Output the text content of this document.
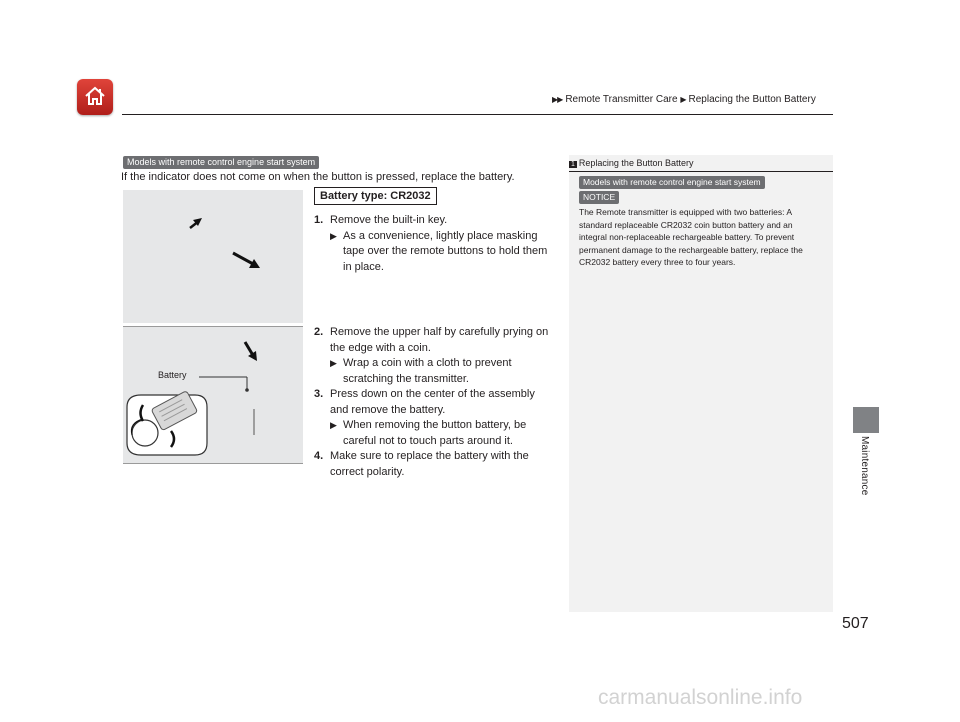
▶▶ Remote Transmitter Care ▶ Replacing the Button Battery
Models with remote control engine start system
If the indicator does not come on when the button is pressed, replace the battery.
Battery
Battery type: CR2032
1. Remove the built-in key.
▶ As a convenience, lightly place masking tape over the remote buttons to hold them in place.
2. Remove the upper half by carefully prying on the edge with a coin.
▶ Wrap a coin with a cloth to prevent scratching the transmitter.
3. Press down on the center of the assembly and remove the battery.
▶ When removing the button battery, be careful not to touch parts around it.
4. Make sure to replace the battery with the correct polarity.
1 Replacing the Button Battery
Models with remote control engine start system
NOTICE
The Remote transmitter is equipped with two batteries: A standard replaceable CR2032 coin button battery and an integral non-replaceable rechargeable battery. To prevent permanent damage to the rechargeable battery, replace the CR2032 battery every three to four years.
Maintenance
507
carmanualsonline.info
